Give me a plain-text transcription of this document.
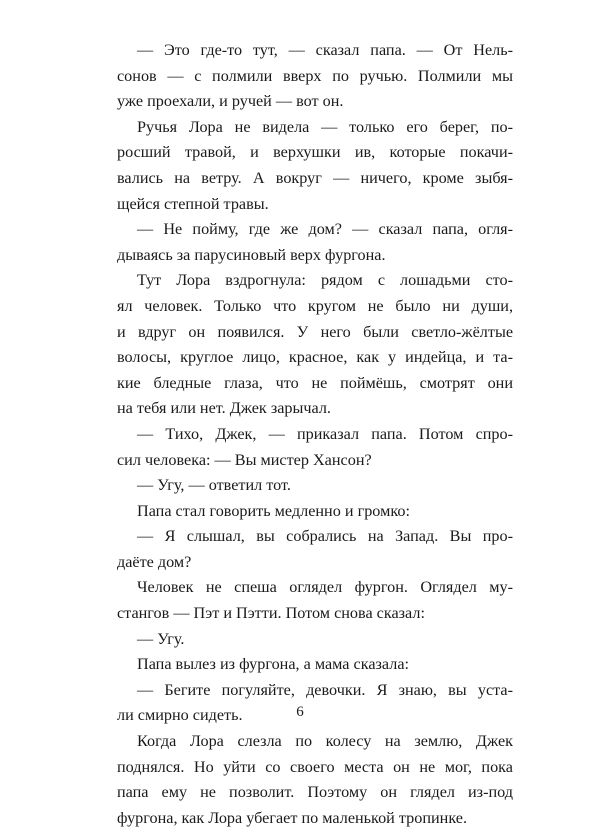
— Это где-то тут, — сказал папа. — От Нель-
сонов — с полмили вверх по ручью. Полмили мы
уже проехали, и ручей — вот он.
Ручья Лора не видела — только его берег, по-
росший травой, и верхушки ив, которые покачи-
вались на ветру. А вокруг — ничего, кроме зыбя-
щейся степной травы.
— Не пойму, где же дом? — сказал папа, огля-
дываясь за парусиновый верх фургона.
Тут Лора вздрогнула: рядом с лошадьми сто-
ял человек. Только что кругом не было ни души,
и вдруг он появился. У него были светло-жёлтые
волосы, круглое лицо, красное, как у индейца, и та-
кие бледные глаза, что не поймёшь, смотрят они
на тебя или нет. Джек зарычал.
— Тихо, Джек, — приказал папа. Потом спро-
сил человека: — Вы мистер Хансон?
— Угу, — ответил тот.
Папа стал говорить медленно и громко:
— Я слышал, вы собрались на Запад. Вы про-
даёте дом?
Человек не спеша оглядел фургон. Оглядел му-
стангов — Пэт и Пэтти. Потом снова сказал:
— Угу.
Папа вылез из фургона, а мама сказала:
— Бегите погуляйте, девочки. Я знаю, вы уста-
ли смирно сидеть.
Когда Лора слезла по колесу на землю, Джек
поднялся. Но уйти со своего места он не мог, пока
папа ему не позволит. Поэтому он глядел из-под
фургона, как Лора убегает по маленькой тропинке.
6
